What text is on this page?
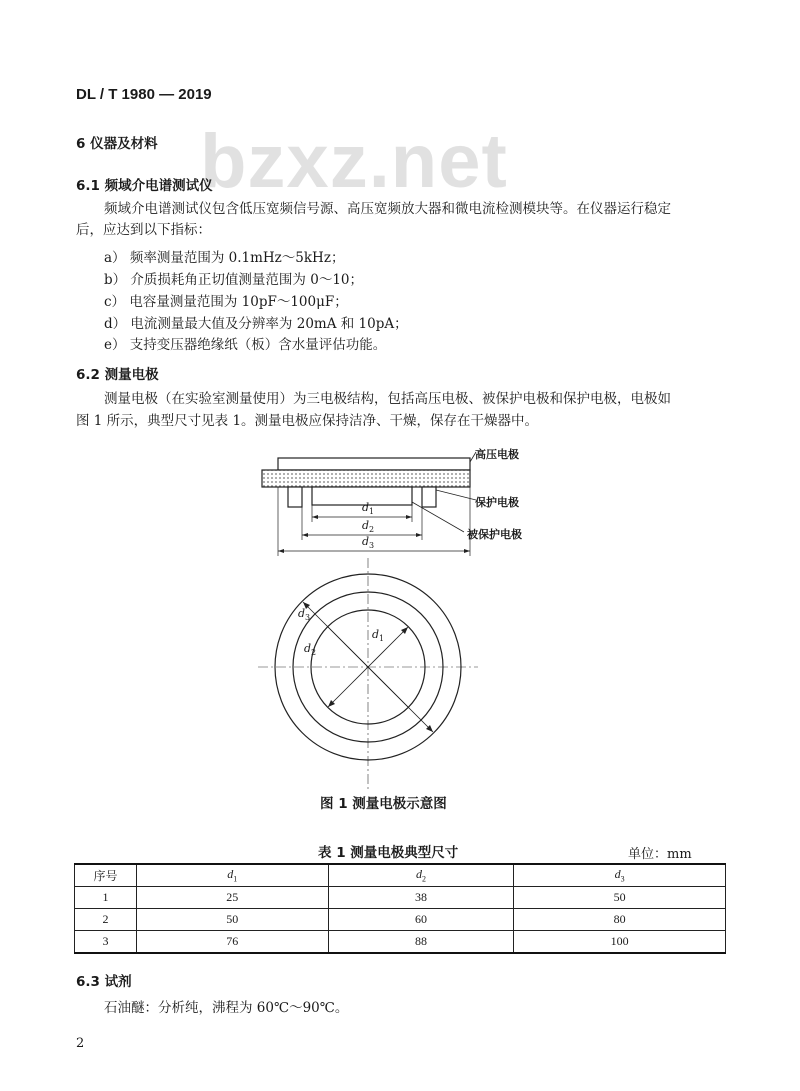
bzxz.net
DL / T 1980 — 2019
6 仪器及材料
6.1 频域介电谱测试仪
频域介电谱测试仪包含低压宽频信号源、高压宽频放大器和微电流检测模块等。在仪器运行稳定
后，应达到以下指标：
a） 频率测量范围为 0.1mHz～5kHz；
b） 介质损耗角正切值测量范围为 0～10；
c） 电容量测量范围为 10pF～100μF；
d） 电流测量最大值及分辨率为 20mA 和 10pA；
e） 支持变压器绝缘纸（板）含水量评估功能。
6.2 测量电极
测量电极（在实验室测量使用）为三电极结构，包括高压电极、被保护电极和保护电极，电极如
图 1 所示，典型尺寸见表 1。测量电极应保持洁净、干燥，保存在干燥器中。
高压电极
保护电极
被保护电极
$d_1$
$d_2$
$d_3$
$d_1$
$d_2$
$d_3$
图 1 测量电极示意图
表 1 测量电极典型尺寸	单位：mm
序号	$d_1$	$d_2$	$d_3$
1	25	38	50
2	50	60	80
3	76	88	100
6.3 试剂
石油醚：分析纯，沸程为 60℃～90℃。
2
